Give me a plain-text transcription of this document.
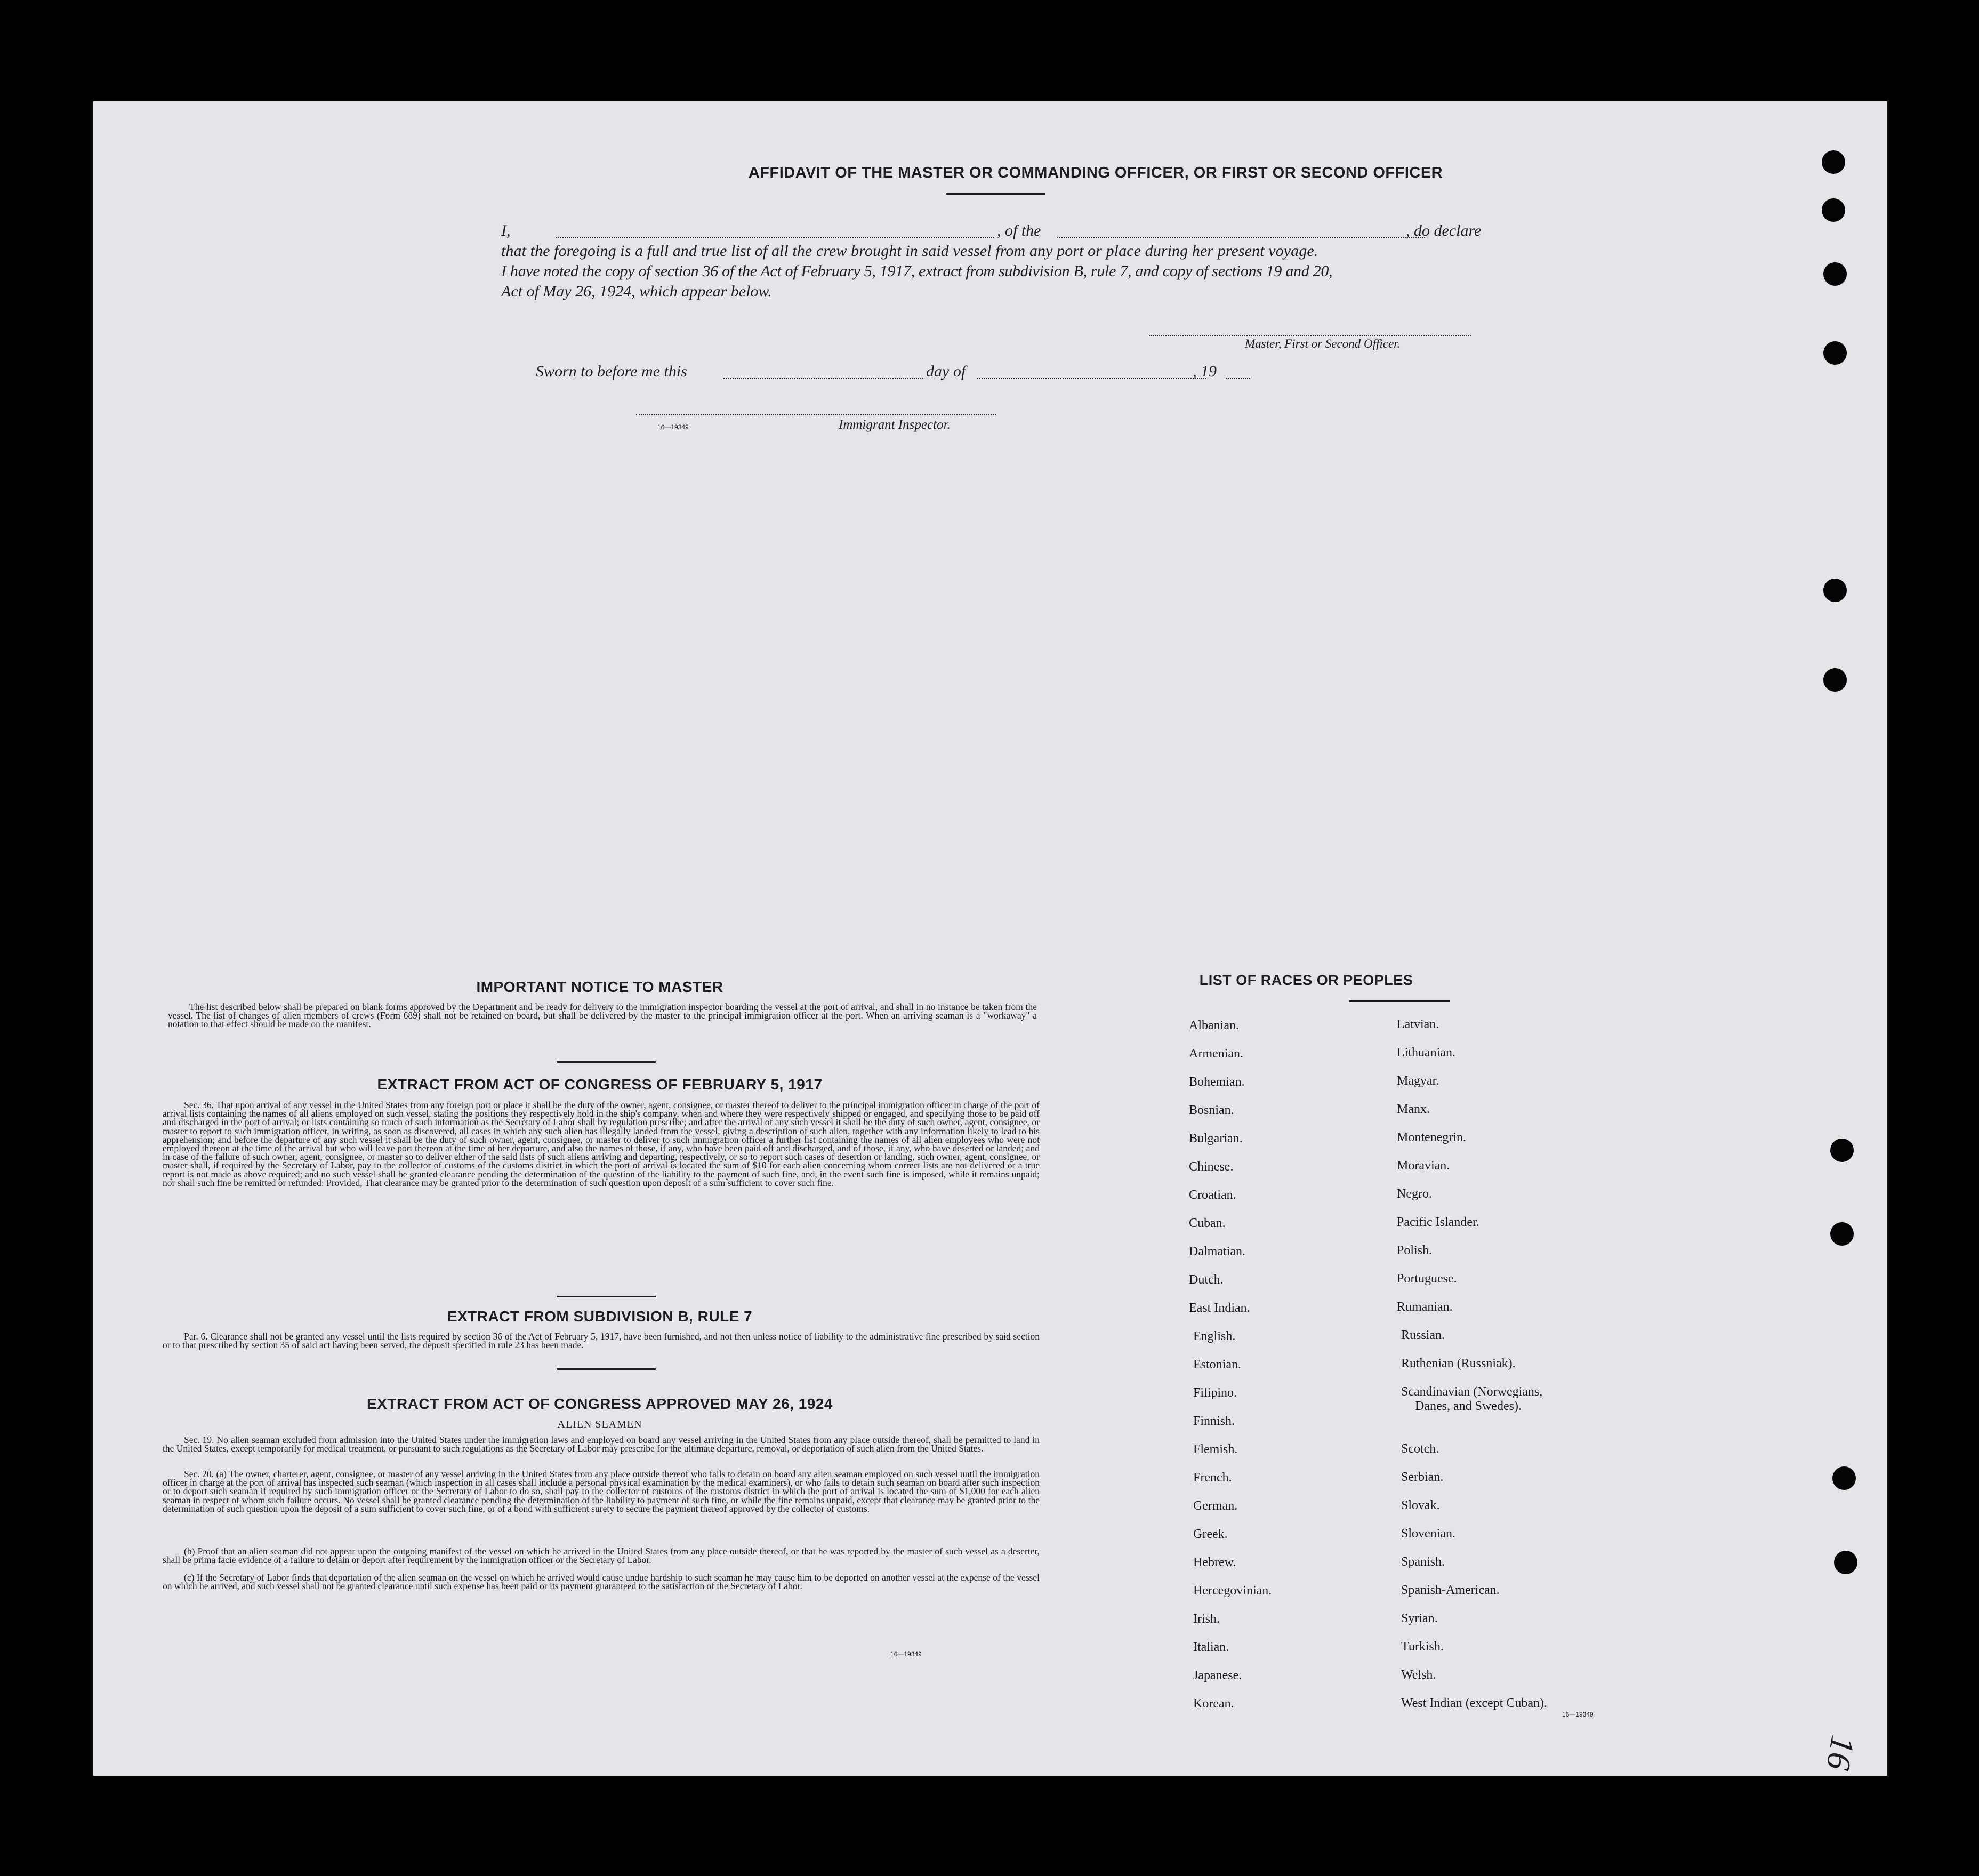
AFFIDAVIT OF THE MASTER OR COMMANDING OFFICER, OR FIRST OR SECOND OFFICER
I,	, of the	, do declare
that the foregoing is a full and true list of all the crew brought in said vessel from any port or place during her present voyage.
I have noted the copy of section 36 of the Act of February 5, 1917, extract from subdivision B, rule 7, and copy of sections 19 and 20,
Act of May 26, 1924, which appear below.
Master, First or Second Officer.
Sworn to before me this	day of	, 19
16—19349	Immigrant Inspector.
IMPORTANT NOTICE TO MASTER

The list described below shall be prepared on blank forms approved by the Department and be ready for delivery to the immigration inspector boarding the vessel at the port of arrival, and shall in no instance be taken from the vessel. The list of changes of alien members of crews (Form 689) shall not be retained on board, but shall be delivered by the master to the principal immigration officer at the port. When an arriving seaman is a "workaway" a notation to that effect should be made on the manifest.

EXTRACT FROM ACT OF CONGRESS OF FEBRUARY 5, 1917

Sec. 36. That upon arrival of any vessel in the United States from any foreign port or place it shall be the duty of the owner, agent, consignee, or master thereof to deliver to the principal immigration officer in charge of the port of arrival lists containing the names of all aliens employed on such vessel, stating the positions they respectively hold in the ship's company, when and where they were respectively shipped or engaged, and specifying those to be paid off and discharged in the port of arrival; or lists containing so much of such information as the Secretary of Labor shall by regulation prescribe; and after the arrival of any such vessel it shall be the duty of such owner, agent, consignee, or master to report to such immigration officer, in writing, as soon as discovered, all cases in which any such alien has illegally landed from the vessel, giving a description of such alien, together with any information likely to lead to his apprehension; and before the departure of any such vessel it shall be the duty of such owner, agent, consignee, or master to deliver to such immigration officer a further list containing the names of all alien employees who were not employed thereon at the time of the arrival but who will leave port thereon at the time of her departure, and also the names of those, if any, who have been paid off and discharged, and of those, if any, who have deserted or landed; and in case of the failure of such owner, agent, consignee, or master so to deliver either of the said lists of such aliens arriving and departing, respectively, or so to report such cases of desertion or landing, such owner, agent, consignee, or master shall, if required by the Secretary of Labor, pay to the collector of customs of the customs district in which the port of arrival is located the sum of $10 for each alien concerning whom correct lists are not delivered or a true report is not made as above required; and no such vessel shall be granted clearance pending the determination of the question of the liability to the payment of such fine, and, in the event such fine is imposed, while it remains unpaid; nor shall such fine be remitted or refunded: Provided, That clearance may be granted prior to the determination of such question upon deposit of a sum sufficient to cover such fine.

EXTRACT FROM SUBDIVISION B, RULE 7

Par. 6. Clearance shall not be granted any vessel until the lists required by section 36 of the Act of February 5, 1917, have been furnished, and not then unless notice of liability to the administrative fine prescribed by said section or to that prescribed by section 35 of said act having been served, the deposit specified in rule 23 has been made.

EXTRACT FROM ACT OF CONGRESS APPROVED MAY 26, 1924
ALIEN SEAMEN

Sec. 19. No alien seaman excluded from admission into the United States under the immigration laws and employed on board any vessel arriving in the United States from any place outside thereof, shall be permitted to land in the United States, except temporarily for medical treatment, or pursuant to such regulations as the Secretary of Labor may prescribe for the ultimate departure, removal, or deportation of such alien from the United States.

Sec. 20. (a) The owner, charterer, agent, consignee, or master of any vessel arriving in the United States from any place outside thereof who fails to detain on board any alien seaman employed on such vessel until the immigration officer in charge at the port of arrival has inspected such seaman (which inspection in all cases shall include a personal physical examination by the medical examiners), or who fails to detain such seaman on board after such inspection or to deport such seaman if required by such immigration officer or the Secretary of Labor to do so, shall pay to the collector of customs of the customs district in which the port of arrival is located the sum of $1,000 for each alien seaman in respect of whom such failure occurs. No vessel shall be granted clearance pending the determination of the liability to payment of such fine, or while the fine remains unpaid, except that clearance may be granted prior to the determination of such question upon the deposit of a sum sufficient to cover such fine, or of a bond with sufficient surety to secure the payment thereof approved by the collector of customs.

(b) Proof that an alien seaman did not appear upon the outgoing manifest of the vessel on which he arrived in the United States from any place outside thereof, or that he was reported by the master of such vessel as a deserter, shall be prima facie evidence of a failure to detain or deport after requirement by the immigration officer or the Secretary of Labor.

(c) If the Secretary of Labor finds that deportation of the alien seaman on the vessel on which he arrived would cause undue hardship to such seaman he may cause him to be deported on another vessel at the expense of the vessel on which he arrived, and such vessel shall not be granted clearance until such expense has been paid or its payment guaranteed to the satisfaction of the Secretary of Labor.

16—19349
LIST OF RACES OR PEOPLES
Albanian.
Armenian.
Bohemian.
Bosnian.
Bulgarian.
Chinese.
Croatian.
Cuban.
Dalmatian.
Dutch.
East Indian.
English.
Estonian.
Filipino.
Finnish.
Flemish.
French.
German.
Greek.
Hebrew.
Hercegovinian.
Irish.
Italian.
Japanese.
Korean.
Latvian.
Lithuanian.
Magyar.
Manx.
Montenegrin.
Moravian.
Negro.
Pacific Islander.
Polish.
Portuguese.
Rumanian.
Russian.
Ruthenian (Russniak).
Scandinavian (Norwegians,
Danes, and Swedes).
Scotch.
Serbian.
Slovak.
Slovenian.
Spanish.
Spanish-American.
Syrian.
Turkish.
Welsh.
West Indian (except Cuban).
16—19349
16
